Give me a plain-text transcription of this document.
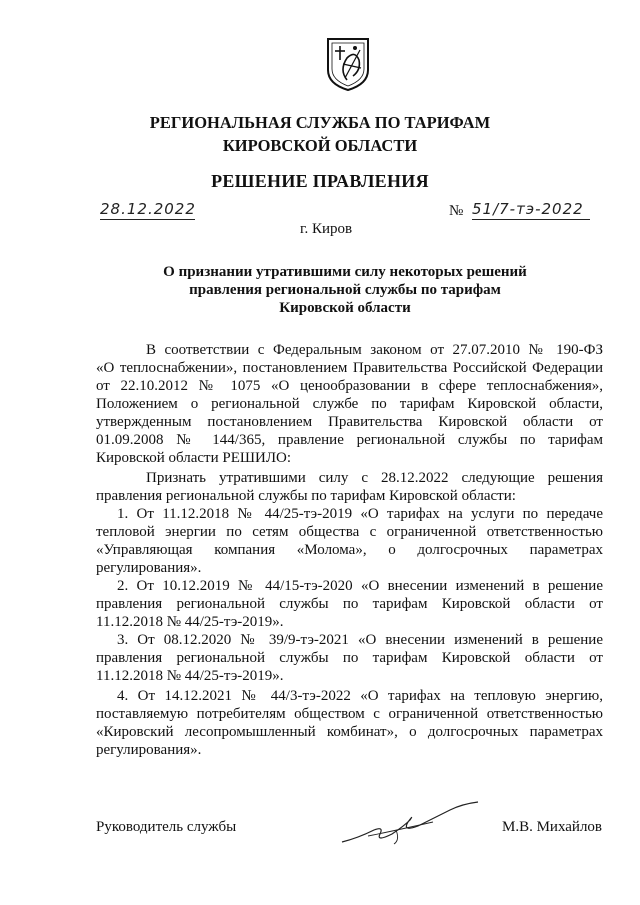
РЕГИОНАЛЬНАЯ СЛУЖБА ПО ТАРИФАМ
КИРОВСКОЙ ОБЛАСТИ
РЕШЕНИЕ ПРАВЛЕНИЯ
28.12.2022	№ 51/7-тэ-2022
г. Киров
О признании утратившими силу некоторых решений
правления региональной службы по тарифам
Кировской области
В соответствии с Федеральным законом от 27.07.2010 № 190-ФЗ
«О теплоснабжении», постановлением Правительства Российской Федерации
от 22.10.2012 № 1075 «О ценообразовании в сфере теплоснабжения»,
Положением о региональной службе по тарифам Кировской области,
утвержденным постановлением Правительства Кировской области от
01.09.2008 № 144/365, правление региональной службы по тарифам
Кировской области РЕШИЛО:
Признать утратившими силу с 28.12.2022 следующие решения
правления региональной службы по тарифам Кировской области:
1. От 11.12.2018 № 44/25-тэ-2019 «О тарифах на услуги по передаче
тепловой энергии по сетям общества с ограниченной ответственностью
«Управляющая компания «Молома», о долгосрочных параметрах
регулирования».
2. От 10.12.2019 № 44/15-тэ-2020 «О внесении изменений в решение
правления региональной службы по тарифам Кировской области от
11.12.2018 № 44/25-тэ-2019».
3. От 08.12.2020 № 39/9-тэ-2021 «О внесении изменений в решение
правления региональной службы по тарифам Кировской области от
11.12.2018 № 44/25-тэ-2019».
4. От 14.12.2021 № 44/3-тэ-2022 «О тарифах на тепловую энергию,
поставляемую потребителям обществом с ограниченной ответственностью
«Кировский лесопромышленный комбинат», о долгосрочных параметрах
регулирования».
Руководитель службы	М.В. Михайлов
